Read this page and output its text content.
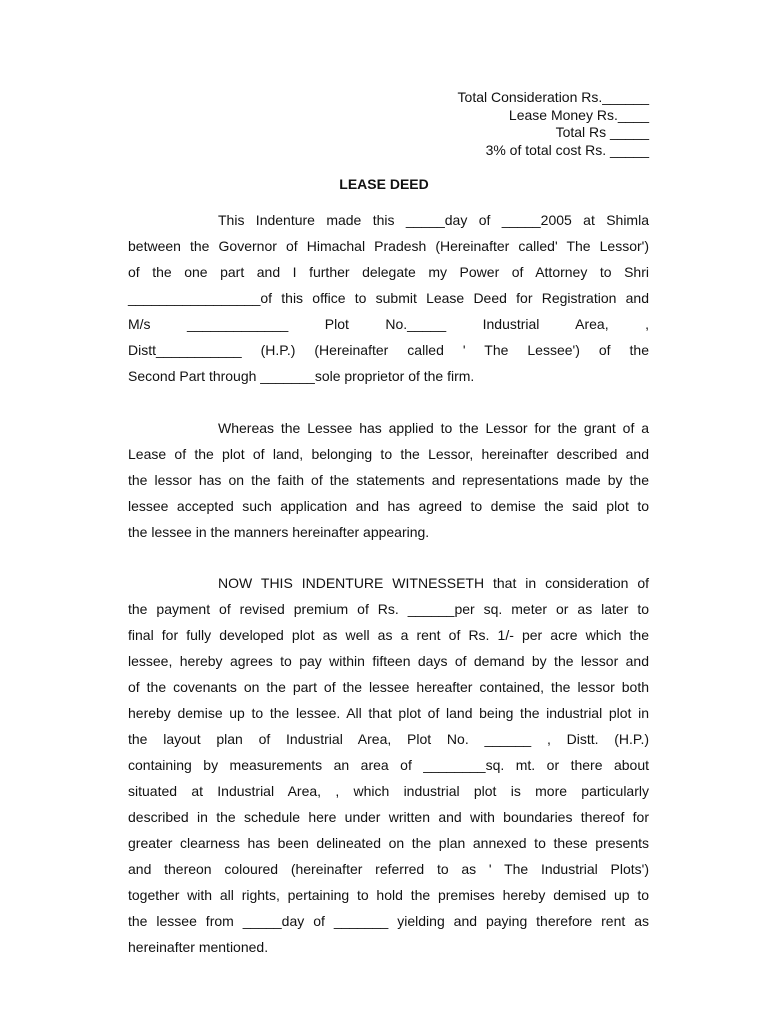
Total Consideration Rs.______
Lease Money Rs.____
Total Rs _____
3% of total cost Rs. _____
LEASE DEED
This Indenture made this _____day of _____2005 at Shimla
between the Governor of Himachal Pradesh (Hereinafter called' The Lessor')
of the one part and I further delegate my Power of Attorney to Shri
_________________of this office to submit Lease Deed for Registration and
M/s _____________ Plot No._____ Industrial Area, ,
Distt___________ (H.P.) (Hereinafter called ' The Lessee') of the
Second Part through _______sole proprietor of the firm.
Whereas the Lessee has applied to the Lessor for the grant of a
Lease of the plot of land, belonging to the Lessor, hereinafter described and
the lessor has on the faith of the statements and representations made by the
lessee accepted such application and has agreed to demise the said plot to
the lessee in the manners hereinafter appearing.
NOW THIS INDENTURE WITNESSETH that in consideration of
the payment of revised premium of Rs. ______per sq. meter or as later to
final for fully developed plot as well as a rent of Rs. 1/- per acre which the
lessee, hereby agrees to pay within fifteen days of demand by the lessor and
of the covenants on the part of the lessee hereafter contained, the lessor both
hereby demise up to the lessee. All that plot of land being the industrial plot in
the layout plan of Industrial Area, Plot No. ______ , Distt. (H.P.)
containing by measurements an area of ________sq. mt. or there about
situated at Industrial Area, , which industrial plot is more particularly
described in the schedule here under written and with boundaries thereof for
greater clearness has been delineated on the plan annexed to these presents
and thereon coloured (hereinafter referred to as ' The Industrial Plots')
together with all rights, pertaining to hold the premises hereby demised up to
the lessee from _____day of _______ yielding and paying therefore rent as
hereinafter mentioned.
